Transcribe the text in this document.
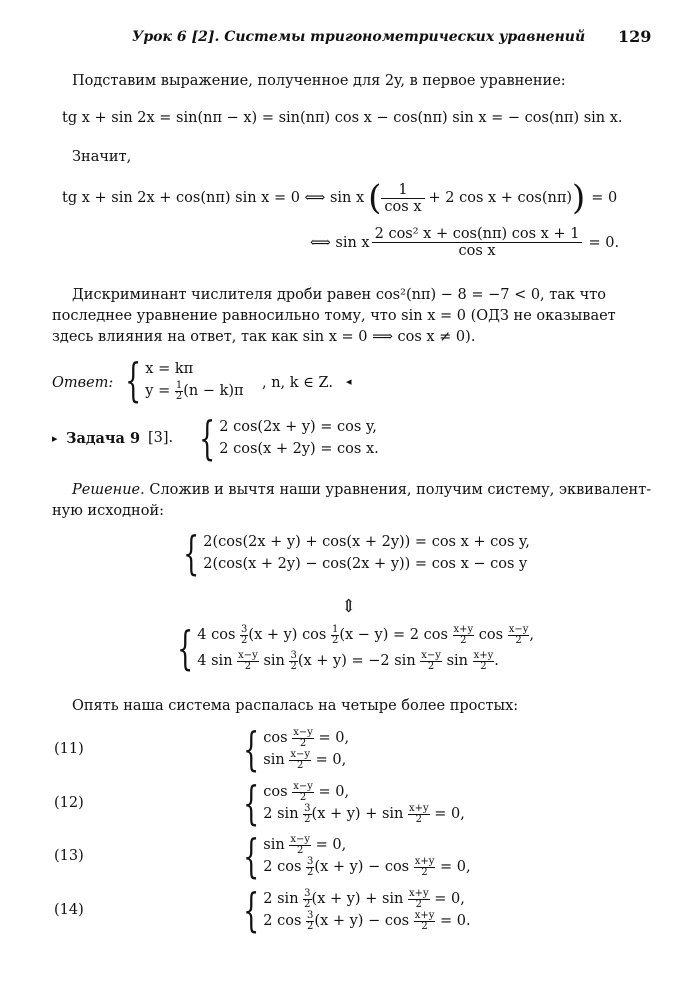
Урок 6 [2]. Системы тригонометрических уравнений 129
Подставим выражение, полученное для 2y, в первое уравнение:
tg x + sin 2x = sin(nπ − x) = sin(nπ) cos x − cos(nπ) sin x = − cos(nπ) sin x.
Значит,
tg x + sin 2x + cos(nπ) sin x = 0 ⟺ sin x ( $\frac{1}{\text{cos x}} + 2$ cos x + cos(nπ) ) = 0
⟺ sin x $\frac{\text{2 cos² x + cos(nπ) cos x + 1}}{\text{cos x}} = 0$.
Дискриминант числителя дроби равен cos²(nπ) − 8 = −7 < 0, так что
последнее уравнение равносильно тому, что sin x = 0 (ОДЗ не оказывает
здесь влияния на ответ, так как sin x = 0 ⟹ cos x ≠ 0).
Ответ: { x = kπ
$y = \frac{1}{2} (n - k)\pi$ , n, k ∈ Z. ◂
▸ Задача 9 [3]. { 2 cos(2x + y) = cos y,
2 cos(x + 2y) = cos x.
Решение. Сложив и вычтя наши уравнения, получим систему, эквивалент-
ную исходной:
{ 2(cos(2x + y) + cos(x + 2y)) = cos x + cos y,
2(cos(x + 2y) − cos(2x + y)) = cos x − cos y
⇕
{ 4 $\cos \frac{3}{2} (x + y)$ $\cos \frac{1}{2} (x - y) = 2$ $\cos \frac{x+y}{2}$ $\cos \frac{x-y}{2}$ ,
4 $\sin \frac{x-y}{2}$ $\sin \frac{3}{2} (x + y) = -2$ $\sin \frac{x-y}{2}$ $\sin \frac{x+y}{2}$ .
Опять наша система распалась на четыре более простых:
(11)	{ $\cos \frac{x-y}{2} = 0$,
$\sin \frac{x-y}{2} = 0$,
(12)	{ $\cos \frac{x-y}{2} = 0$,
2 $\sin \frac{3}{2} (x + y) + \sin \frac{x+y}{2} = 0$,
(13)	{ $\sin \frac{x-y}{2} = 0$,
2 $\cos \frac{3}{2} (x + y) - \cos \frac{x+y}{2} = 0$,
(14)	{ 2 $\sin \frac{3}{2} (x + y) + \sin \frac{x+y}{2} = 0$,
2 $\cos \frac{3}{2} (x + y) - \cos \frac{x+y}{2} = 0$.
